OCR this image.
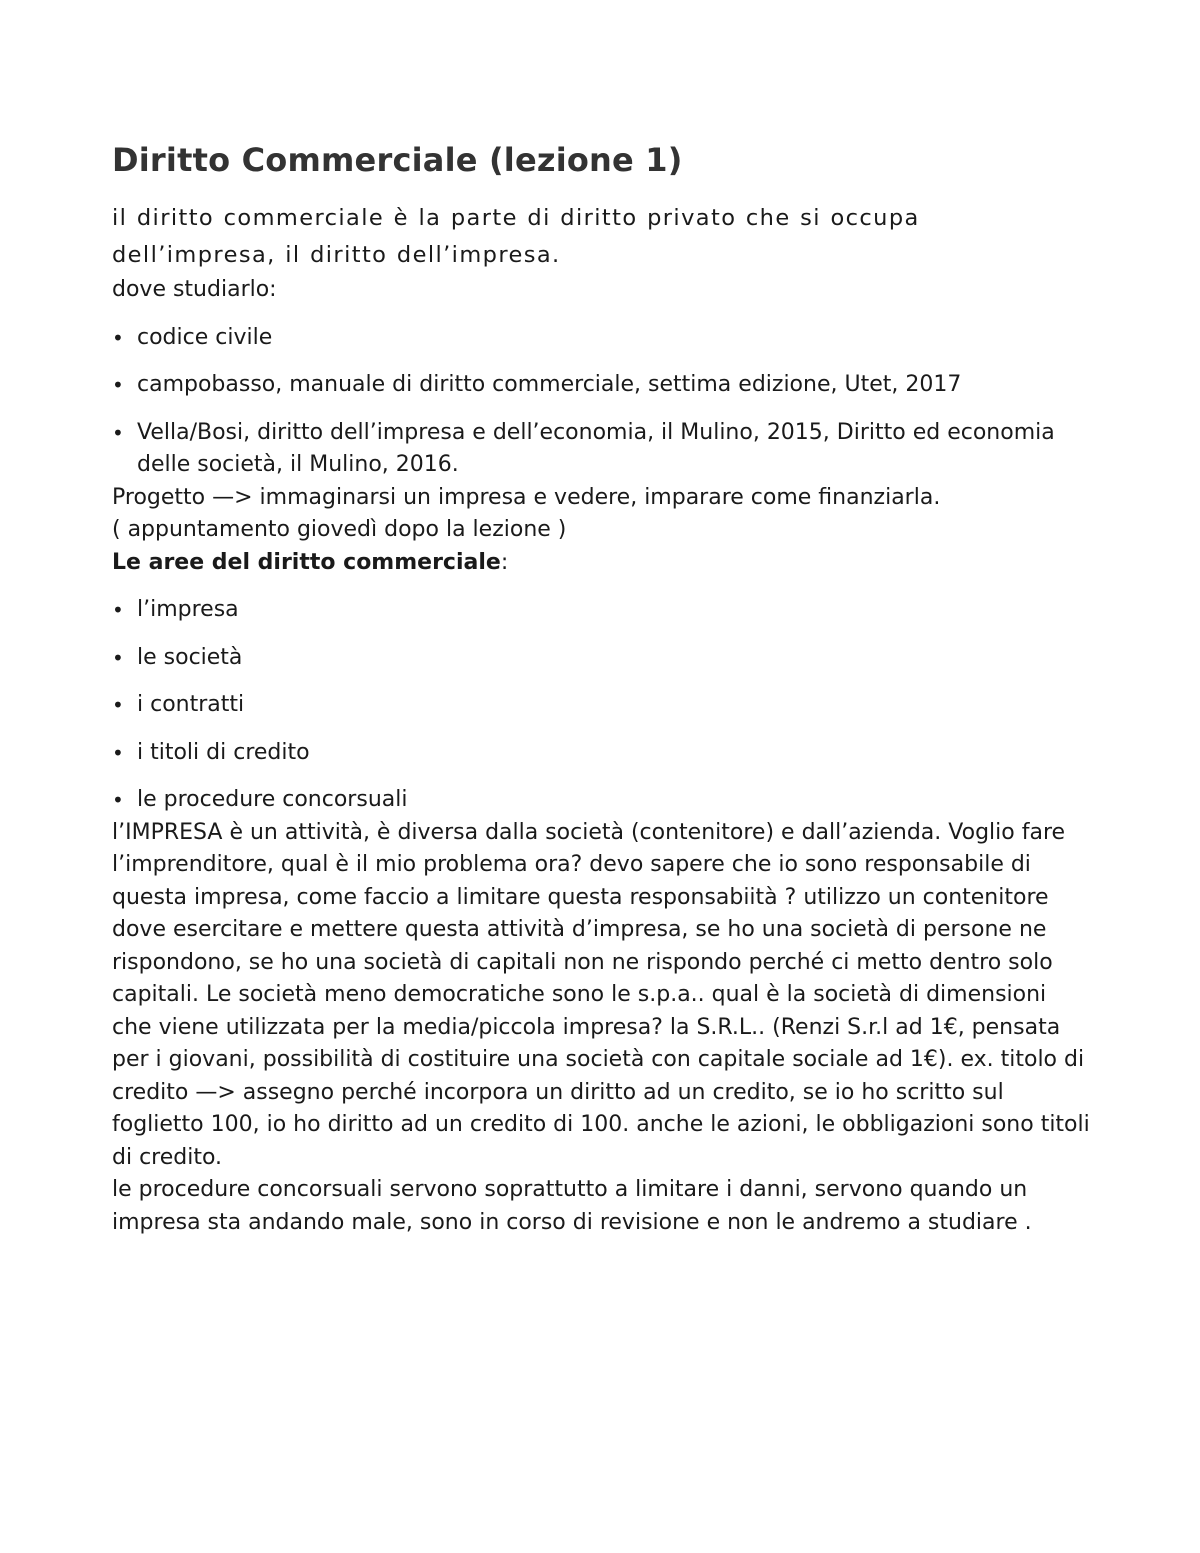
Diritto Commerciale (lezione 1)

il diritto commerciale è la parte di diritto privato che si occupa dell’impresa, il diritto dell’impresa.

dove studiarlo:

• codice civile
• campobasso, manuale di diritto commerciale, settima edizione, Utet, 2017
• Vella/Bosi, diritto dell’impresa e dell’economia, il Mulino, 2015, Diritto ed economia delle società, il Mulino, 2016.

Progetto —> immaginarsi un impresa e vedere, imparare come finanziarla.
( appuntamento giovedì dopo la lezione )

Le aree del diritto commerciale:

• l’impresa
• le società
• i contratti
• i titoli di credito
• le procedure concorsuali

l’IMPRESA è un attività, è diversa dalla società (contenitore) e dall’azienda. Voglio fare l’imprenditore, qual è il mio problema ora? devo sapere che io sono responsabile di questa impresa, come faccio a limitare questa responsabiità ? utilizzo un contenitore dove esercitare e mettere questa attività d’impresa, se ho una società di persone ne rispondono, se ho una società di capitali non ne rispondo perché ci metto dentro solo capitali. Le società meno democratiche sono le s.p.a.. qual è la società di dimensioni che viene utilizzata per la media/piccola impresa? la S.R.L.. (Renzi S.r.l ad 1€, pensata per i giovani, possibilità di costituire una società con capitale sociale ad 1€). ex. titolo di credito —> assegno perché incorpora un diritto ad un credito, se io ho scritto sul foglietto 100, io ho diritto ad un credito di 100. anche le azioni, le obbligazioni sono titoli di credito.

le procedure concorsuali servono soprattutto a limitare i danni, servono quando un impresa sta andando male, sono in corso di revisione e non le andremo a studiare .
